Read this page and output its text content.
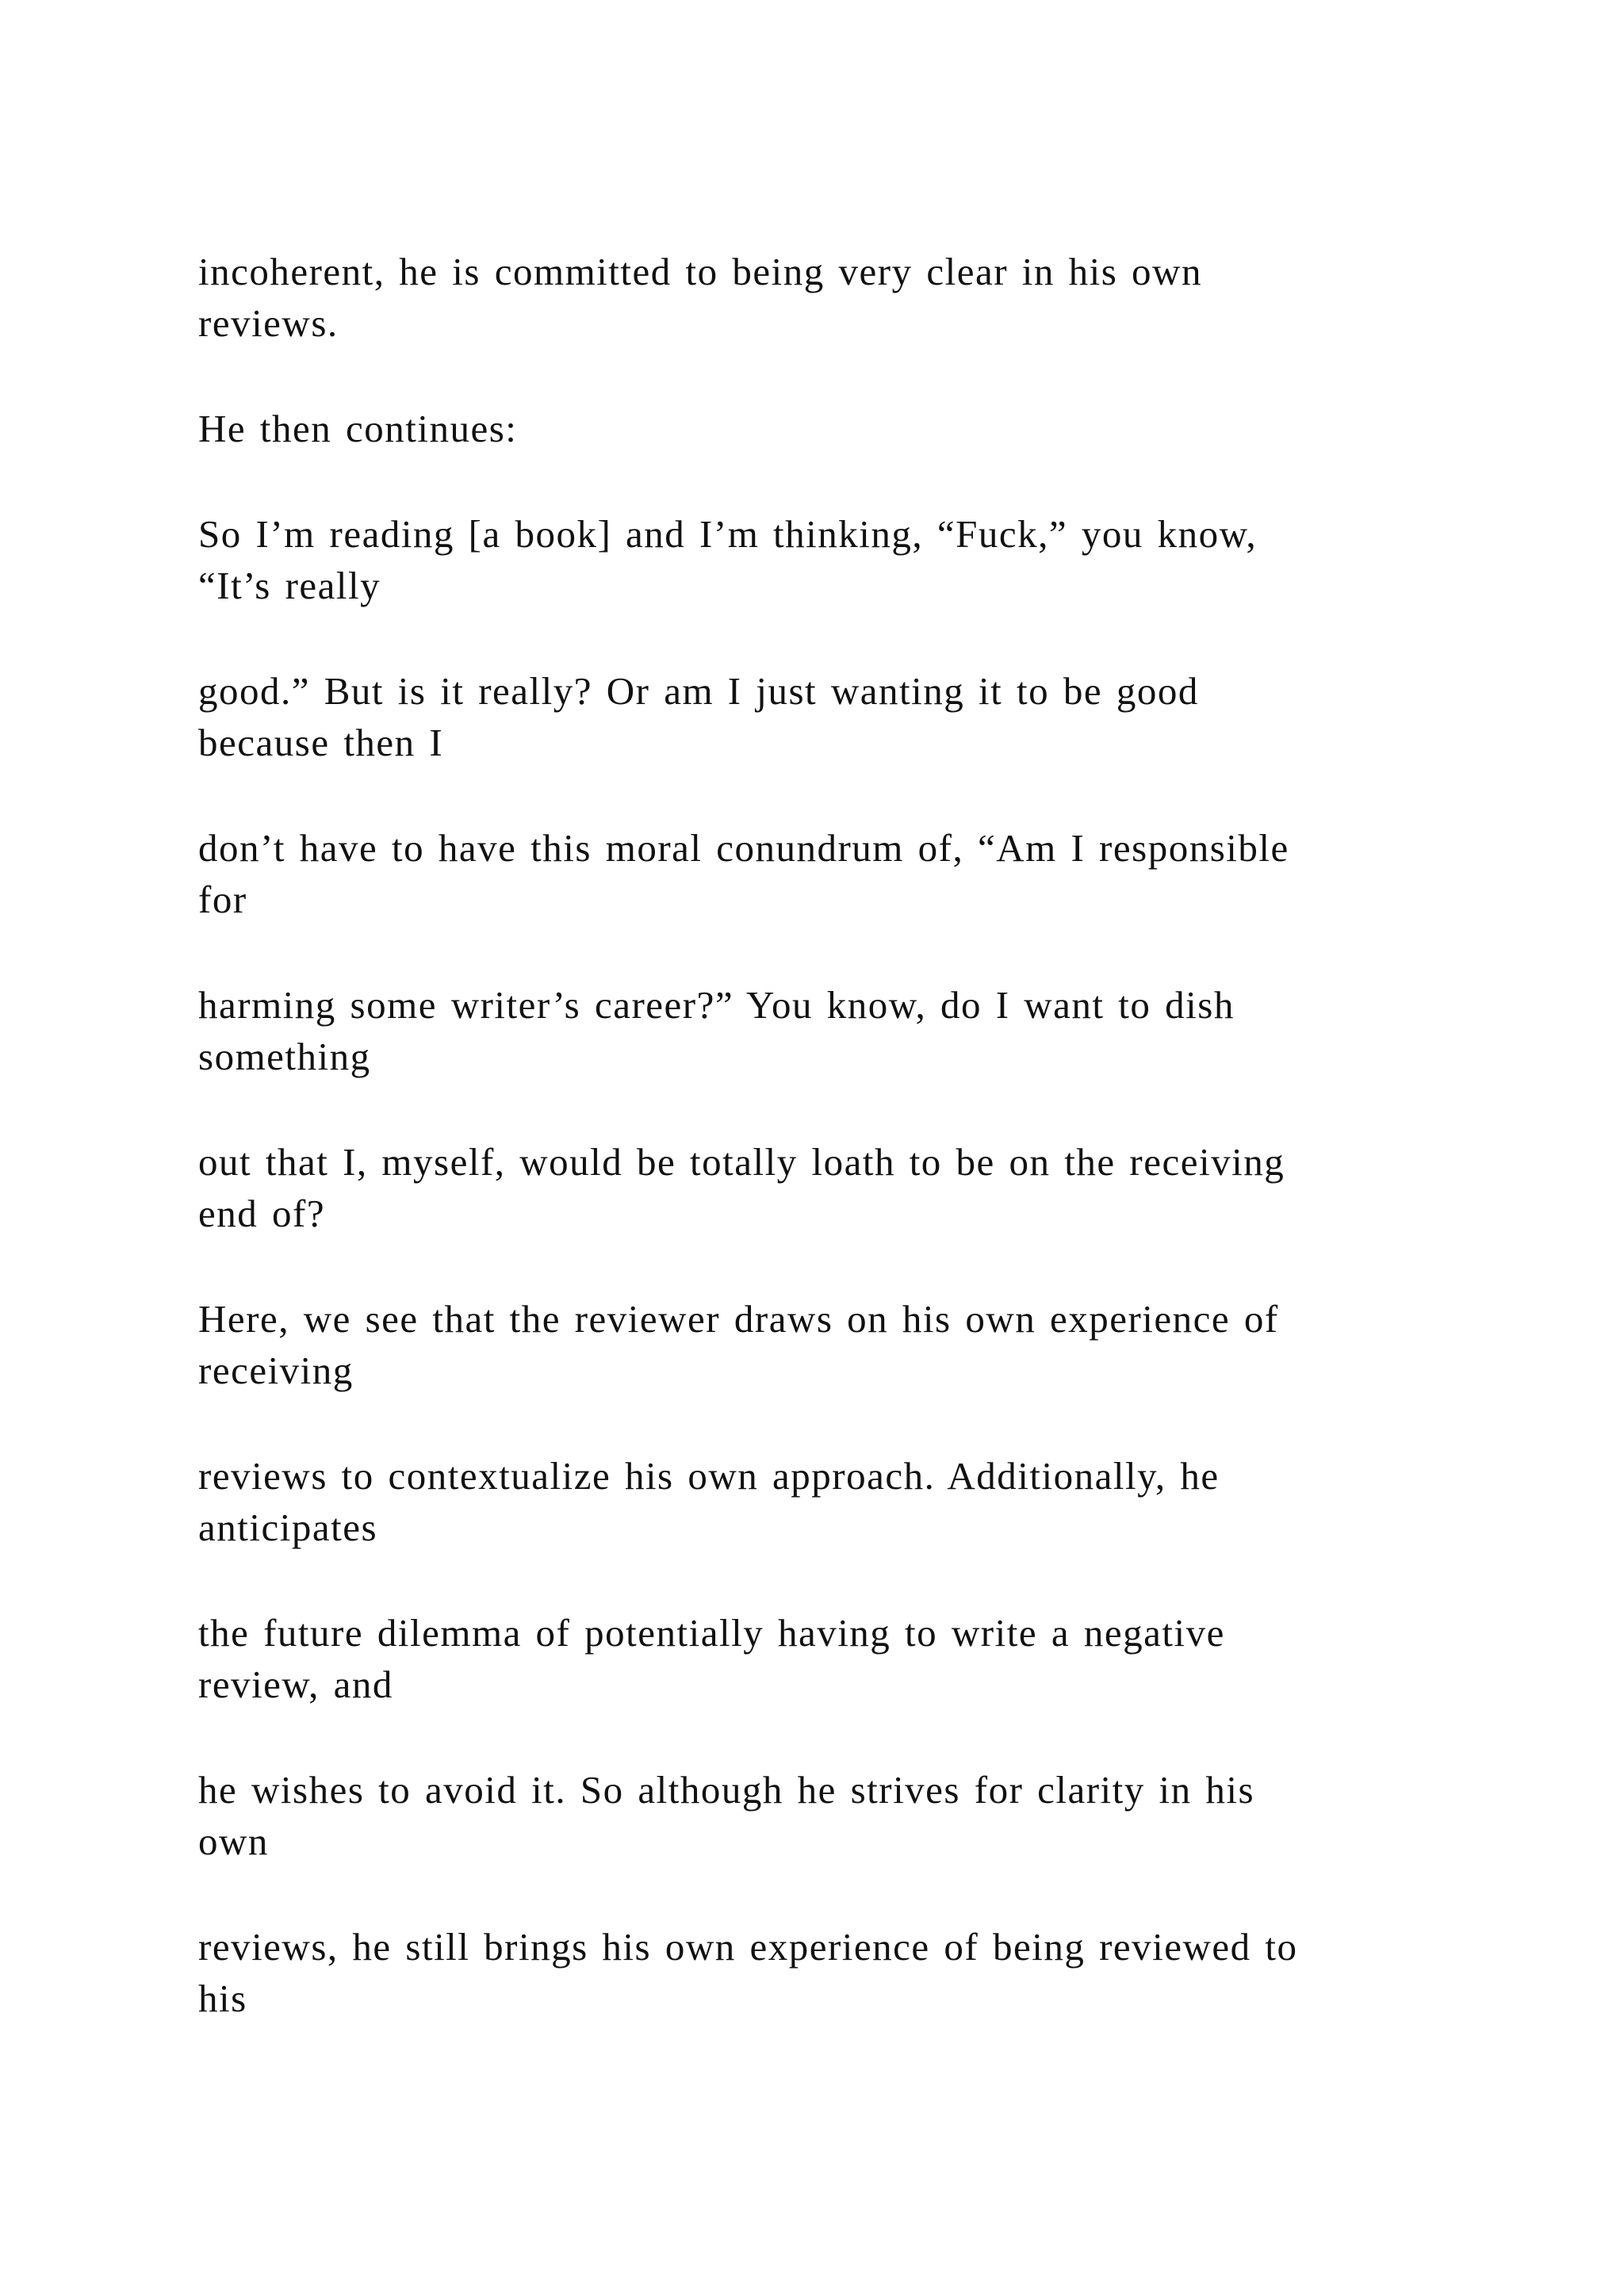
incoherent, he is committed to being very clear in his own
reviews.

He then continues:

So I’m reading [a book] and I’m thinking, “Fuck,” you know,
“It’s really

good.” But is it really? Or am I just wanting it to be good
because then I

don’t have to have this moral conundrum of, “Am I responsible
for

harming some writer’s career?” You know, do I want to dish
something

out that I, myself, would be totally loath to be on the receiving
end of?

Here, we see that the reviewer draws on his own experience of
receiving

reviews to contextualize his own approach. Additionally, he
anticipates

the future dilemma of potentially having to write a negative
review, and

he wishes to avoid it. So although he strives for clarity in his
own

reviews, he still brings his own experience of being reviewed to
his
